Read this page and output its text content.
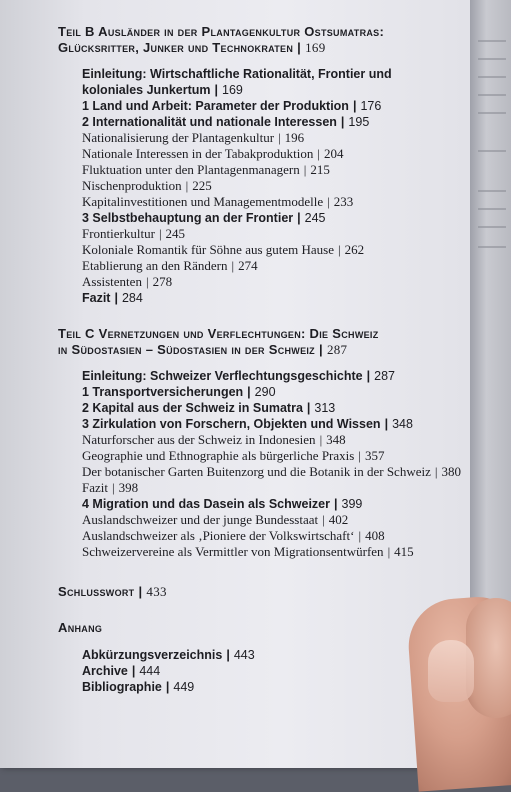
Teil B Ausländer in der Plantagenkultur Ostsumatras:
Glücksritter, Junker und Technokraten | 169
Einleitung: Wirtschaftliche Rationalität, Frontier und
koloniales Junkertum | 169
1 Land und Arbeit: Parameter der Produktion | 176
2 Internationalität und nationale Interessen | 195
Nationalisierung der Plantagenkultur | 196
Nationale Interessen in der Tabakproduktion | 204
Fluktuation unter den Plantagenmanagern | 215
Nischenproduktion | 225
Kapitalinvestitionen und Managementmodelle | 233
3 Selbstbehauptung an der Frontier | 245
Frontierkultur | 245
Koloniale Romantik für Söhne aus gutem Hause | 262
Etablierung an den Rändern | 274
Assistenten | 278
Fazit | 284
Teil C Vernetzungen und Verflechtungen: Die Schweiz
in Südostasien – Südostasien in der Schweiz | 287
Einleitung: Schweizer Verflechtungsgeschichte | 287
1 Transportversicherungen | 290
2 Kapital aus der Schweiz in Sumatra | 313
3 Zirkulation von Forschern, Objekten und Wissen | 348
Naturforscher aus der Schweiz in Indonesien | 348
Geographie und Ethnographie als bürgerliche Praxis | 357
Der botanischer Garten Buitenzorg und die Botanik in der Schweiz | 380
Fazit | 398
4 Migration und das Dasein als Schweizer | 399
Auslandschweizer und der junge Bundesstaat | 402
Auslandschweizer als ‚Pioniere der Volkswirtschaft‘ | 408
Schweizervereine als Vermittler von Migrationsentwürfen | 415
Schlusswort | 433
Anhang
Abkürzungsverzeichnis | 443
Archive | 444
Bibliographie | 449
